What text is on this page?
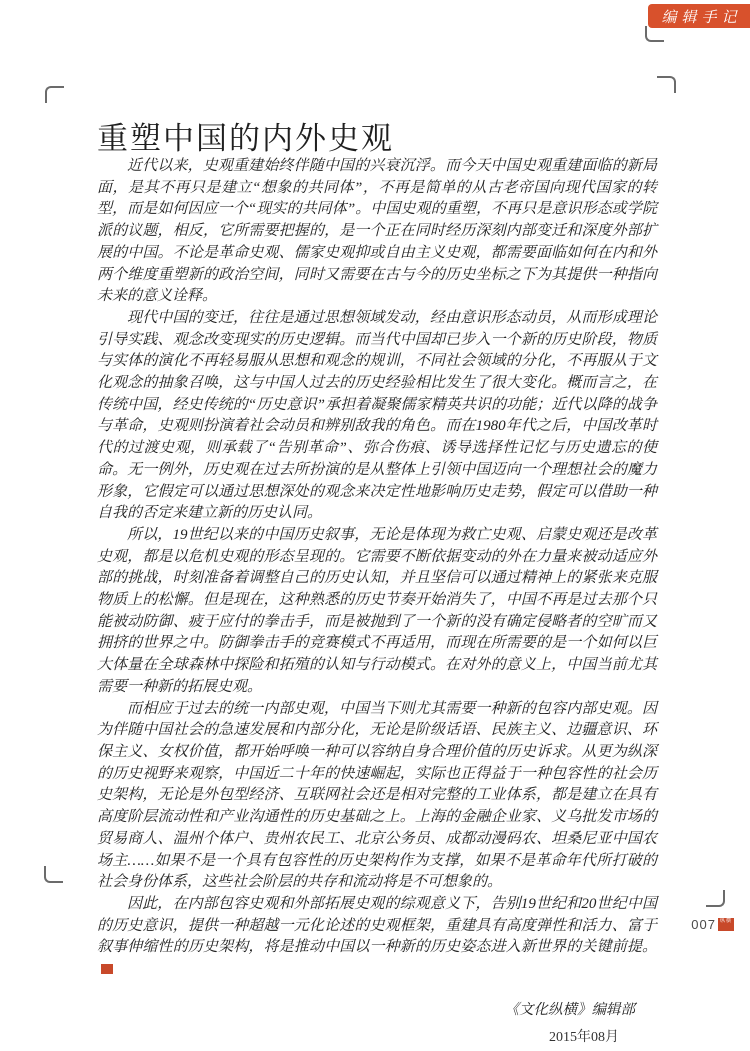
编辑手记
重塑中国的内外史观

近代以来，史观重建始终伴随中国的兴衰沉浮。而今天中国史观重建面临的新局面，是其不再只是建立“想象的共同体”，不再是简单的从古老帝国向现代国家的转型，而是如何因应一个“现实的共同体”。中国史观的重塑，不再只是意识形态或学院派的议题，相反，它所需要把握的，是一个正在同时经历深刻内部变迁和深度外部扩展的中国。不论是革命史观、儒家史观抑或自由主义史观，都需要面临如何在内和外两个维度重塑新的政治空间，同时又需要在古与今的历史坐标之下为其提供一种指向未来的意义诠释。

现代中国的变迁，往往是通过思想领域发动，经由意识形态动员，从而形成理论引导实践、观念改变现实的历史逻辑。而当代中国却已步入一个新的历史阶段，物质与实体的演化不再轻易服从思想和观念的规训，不同社会领域的分化，不再服从于文化观念的抽象召唤，这与中国人过去的历史经验相比发生了很大变化。概而言之，在传统中国，经史传统的“历史意识”承担着凝聚儒家精英共识的功能；近代以降的战争与革命，史观则扮演着社会动员和辨别敌我的角色。而在1980年代之后，中国改革时代的过渡史观，则承载了“告别革命”、弥合伤痕、诱导选择性记忆与历史遗忘的使命。无一例外，历史观在过去所扮演的是从整体上引领中国迈向一个理想社会的魔力形象，它假定可以通过思想深处的观念来决定性地影响历史走势，假定可以借助一种自我的否定来建立新的历史认同。

所以，19世纪以来的中国历史叙事，无论是体现为救亡史观、启蒙史观还是改革史观，都是以危机史观的形态呈现的。它需要不断依据变动的外在力量来被动适应外部的挑战，时刻准备着调整自己的历史认知，并且坚信可以通过精神上的紧张来克服物质上的松懈。但是现在，这种熟悉的历史节奏开始消失了，中国不再是过去那个只能被动防御、疲于应付的拳击手，而是被抛到了一个新的没有确定侵略者的空旷而又拥挤的世界之中。防御拳击手的竞赛模式不再适用，而现在所需要的是一个如何以巨大体量在全球森林中探险和拓殖的认知与行动模式。在对外的意义上，中国当前尤其需要一种新的拓展史观。

而相应于过去的统一内部史观，中国当下则尤其需要一种新的包容内部史观。因为伴随中国社会的急速发展和内部分化，无论是阶级话语、民族主义、边疆意识、环保主义、女权价值，都开始呼唤一种可以容纳自身合理价值的历史诉求。从更为纵深的历史视野来观察，中国近二十年的快速崛起，实际也正得益于一种包容性的社会历史架构，无论是外包型经济、互联网社会还是相对完整的工业体系，都是建立在具有高度阶层流动性和产业沟通性的历史基础之上。上海的金融企业家、义乌批发市场的贸易商人、温州个体户、贵州农民工、北京公务员、成都动漫码农、坦桑尼亚中国农场主……如果不是一个具有包容性的历史架构作为支撑，如果不是革命年代所打破的社会身份体系，这些社会阶层的共存和流动将是不可想象的。

因此，在内部包容史观和外部拓展史观的综观意义下，告别19世纪和20世纪中国的历史意识，提供一种超越一元化论述的史观框架，重建具有高度弹性和活力、富于叙事伸缩性的历史架构，将是推动中国以一种新的历史姿态进入新世界的关键前提。

《文化纵横》编辑部
2015年08月
007 纵横
